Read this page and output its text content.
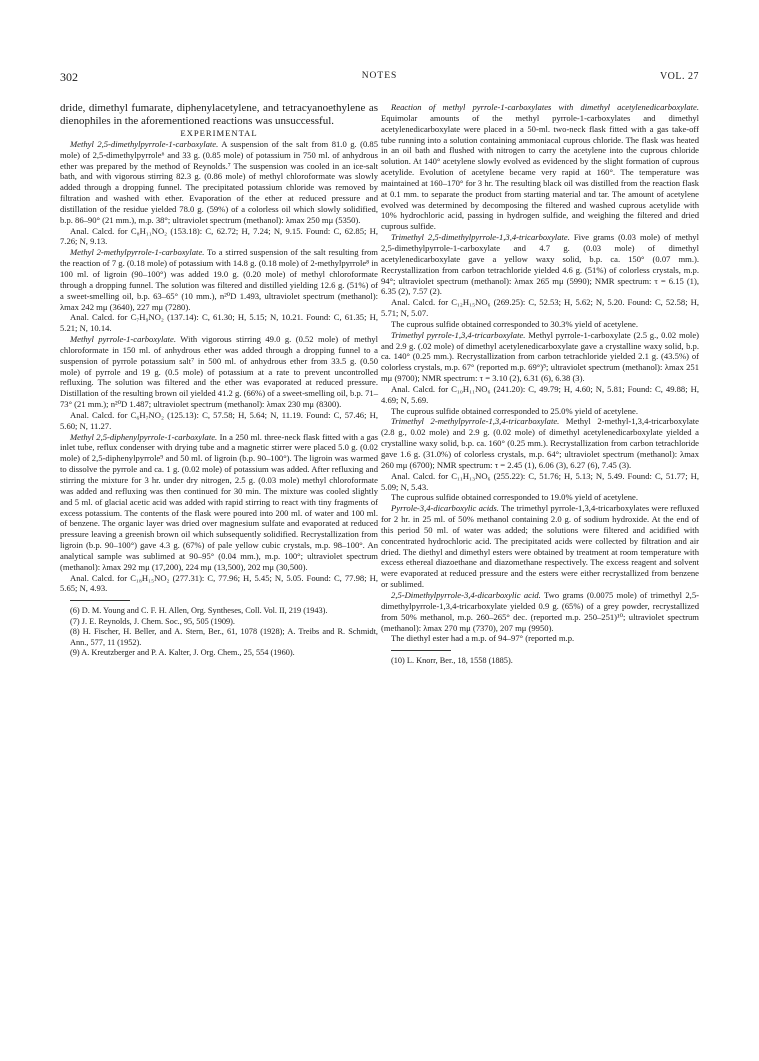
302	NOTES	VOL. 27

dride, dimethyl fumarate, diphenylacetylene, and tetracyanoethylene as dienophiles in the aforementioned reactions was unsuccessful.

EXPERIMENTAL

Methyl 2,5-dimethylpyrrole-1-carboxylate. A suspension of the salt from 81.0 g. (0.85 mole) of 2,5-dimethylpyrrole⁶ and 33 g. (0.85 mole) of potassium in 750 ml. of anhydrous ether was prepared by the method of Reynolds.⁷ The suspension was cooled in an ice-salt bath, and with vigorous stirring 82.3 g. (0.86 mole) of methyl chloroformate was slowly added through a dropping funnel. The precipitated potassium chloride was removed by filtration and washed with ether. Evaporation of the ether at reduced pressure and distillation of the residue yielded 78.0 g. (59%) of a colorless oil which slowly solidified, b.p. 86–90° (21 mm.), m.p. 38°; ultraviolet spectrum (methanol): λmax 250 mμ (5350).

Anal. Calcd. for C₈H₁₁NO₂ (153.18): C, 62.72; H, 7.24; N, 9.15. Found: C, 62.85; H, 7.26; N, 9.13.

Methyl 2-methylpyrrole-1-carboxylate. To a stirred suspension of the salt resulting from the reaction of 7 g. (0.18 mole) of potassium with 14.8 g. (0.18 mole) of 2-methylpyrrole⁸ in 100 ml. of ligroin (90–100°) was added 19.0 g. (0.20 mole) of methyl chloroformate through a dropping funnel. The solution was filtered and distilled yielding 12.6 g. (51%) of a sweet-smelling oil, b.p. 63–65° (10 mm.), n²⁰D 1.493, ultraviolet spectrum (methanol): λmax 242 mμ (3640), 227 mμ (7280).

Anal. Calcd. for C₇H₉NO₂ (137.14): C, 61.30; H, 5.15; N, 10.21. Found: C, 61.35; H, 5.21; N, 10.14.

Methyl pyrrole-1-carboxylate. With vigorous stirring 49.0 g. (0.52 mole) of methyl chloroformate in 150 ml. of anhydrous ether was added through a dropping funnel to a suspension of pyrrole potassium salt⁷ in 500 ml. of anhydrous ether from 33.5 g. (0.50 mole) of pyrrole and 19 g. (0.5 mole) of potassium at a rate to prevent uncontrolled refluxing. The solution was filtered and the ether was evaporated at reduced pressure. Distillation of the resulting brown oil yielded 41.2 g. (66%) of a sweet-smelling oil, b.p. 71–73° (21 mm.); n²⁰D 1.487; ultraviolet spectrum (methanol): λmax 230 mμ (8300).

Anal. Calcd. for C₆H₇NO₂ (125.13): C, 57.58; H, 5.64; N, 11.19. Found: C, 57.46; H, 5.60; N, 11.27.

Methyl 2,5-diphenylpyrrole-1-carboxylate. In a 250 ml. three-neck flask fitted with a gas inlet tube, reflux condenser with drying tube and a magnetic stirrer were placed 5.0 g. (0.02 mole) of 2,5-diphenylpyrrole⁹ and 50 ml. of ligroin (b.p. 90–100°). The ligroin was warmed to dissolve the pyrrole and ca. 1 g. (0.02 mole) of potassium was added. After refluxing and stirring the mixture for 3 hr. under dry nitrogen, 2.5 g. (0.03 mole) methyl chloroformate was added and refluxing was then continued for 30 min. The mixture was cooled slightly and 5 ml. of glacial acetic acid was added with rapid stirring to react with tiny fragments of excess potassium. The contents of the flask were poured into 200 ml. of water and 100 ml. of benzene. The organic layer was dried over magnesium sulfate and evaporated at reduced pressure leaving a greenish brown oil which subsequently solidified. Recrystallization from ligroin (b.p. 90–100°) gave 4.3 g. (67%) of pale yellow cubic crystals, m.p. 98–100°. An analytical sample was sublimed at 90–95° (0.04 mm.), m.p. 100°; ultraviolet spectrum (methanol): λmax 292 mμ (17,200), 224 mμ (13,500), 202 mμ (30,500).

Anal. Calcd. for C₁₈H₁₅NO₂ (277.31): C, 77.96; H, 5.45; N, 5.05. Found: C, 77.98; H, 5.65; N, 4.93.

(6) D. M. Young and C. F. H. Allen, Org. Syntheses, Coll. Vol. II, 219 (1943).

(7) J. E. Reynolds, J. Chem. Soc., 95, 505 (1909).

(8) H. Fischer, H. Beller, and A. Stern, Ber., 61, 1078 (1928); A. Treibs and R. Schmidt, Ann., 577, 11 (1952).

(9) A. Kreutzberger and P. A. Kalter, J. Org. Chem., 25, 554 (1960).

Reaction of methyl pyrrole-1-carboxylates with dimethyl acetylenedicarboxylate. Equimolar amounts of the methyl pyrrole-1-carboxylates and dimethyl acetylenedicarboxylate were placed in a 50-ml. two-neck flask fitted with a gas take-off tube running into a solution containing ammoniacal cuprous chloride. The flask was heated in an oil bath and flushed with nitrogen to carry the acetylene into the cuprous chloride solution. At 140° acetylene slowly evolved as evidenced by the slight formation of cuprous acetylide. Evolution of acetylene became very rapid at 160°. The temperature was maintained at 160–170° for 3 hr. The resulting black oil was distilled from the reaction flask at 0.1 mm. to separate the product from starting material and tar. The amount of acetylene evolved was determined by decomposing the filtered and washed cuprous acetylide with 10% hydrochloric acid, passing in hydrogen sulfide, and weighing the filtered and dried cuprous sulfide.

Trimethyl 2,5-dimethylpyrrole-1,3,4-tricarboxylate. Five grams (0.03 mole) of methyl 2,5-dimethylpyrrole-1-carboxylate and 4.7 g. (0.03 mole) of dimethyl acetylenedicarboxylate gave a yellow waxy solid, b.p. ca. 150° (0.07 mm.). Recrystallization from carbon tetrachloride yielded 4.6 g. (51%) of colorless crystals, m.p. 94°; ultraviolet spectrum (methanol): λmax 265 mμ (5990); NMR spectrum: τ = 6.15 (1), 6.35 (2), 7.57 (2).

Anal. Calcd. for C₁₂H₁₅NO₆ (269.25): C, 52.53; H, 5.62; N, 5.20. Found: C, 52.58; H, 5.71; N, 5.07.

The cuprous sulfide obtained corresponded to 30.3% yield of acetylene.

Trimethyl pyrrole-1,3,4-tricarboxylate. Methyl pyrrole-1-carboxylate (2.5 g., 0.02 mole) and 2.9 g. (.02 mole) of dimethyl acetylenedicarboxylate gave a crystalline waxy solid, b.p. ca. 140° (0.25 mm.). Recrystallization from carbon tetrachloride yielded 2.1 g. (43.5%) of colorless crystals, m.p. 67° (reported m.p. 69°)⁵; ultraviolet spectrum (methanol): λmax 251 mμ (9700); NMR spectrum: τ = 3.10 (2), 6.31 (6), 6.38 (3).

Anal. Calcd. for C₁₀H₁₁NO₆ (241.20): C, 49.79; H, 4.60; N, 5.81; Found: C, 49.88; H, 4.69; N, 5.69.

The cuprous sulfide obtained corresponded to 25.0% yield of acetylene.

Trimethyl 2-methylpyrrole-1,3,4-tricarboxylate. Methyl 2-methyl-1,3,4-tricarboxylate (2.8 g., 0.02 mole) and 2.9 g. (0.02 mole) of dimethyl acetylenedicarboxylate yielded a crystalline waxy solid, b.p. ca. 160° (0.25 mm.). Recrystallization from carbon tetrachloride gave 1.6 g. (31.0%) of colorless crystals, m.p. 64°; ultraviolet spectrum (methanol): λmax 260 mμ (6700); NMR spectrum: τ = 2.45 (1), 6.06 (3), 6.27 (6), 7.45 (3).

Anal. Calcd. for C₁₁H₁₃NO₆ (255.22): C, 51.76; H, 5.13; N, 5.49. Found: C, 51.77; H, 5.09; N, 5.43.

The cuprous sulfide obtained corresponded to 19.0% yield of acetylene.

Pyrrole-3,4-dicarboxylic acids. The trimethyl pyrrole-1,3,4-tricarboxylates were refluxed for 2 hr. in 25 ml. of 50% methanol containing 2.0 g. of sodium hydroxide. At the end of this period 50 ml. of water was added; the solutions were filtered and acidified with concentrated hydrochloric acid. The precipitated acids were collected by filtration and air dried. The diethyl and dimethyl esters were obtained by treatment at room temperature with excess ethereal diazoethane and diazomethane respectively. The excess reagent and solvent were evaporated at reduced pressure and the esters were either recrystallized from benzene or sublimed.

2,5-Dimethylpyrrole-3,4-dicarboxylic acid. Two grams (0.0075 mole) of trimethyl 2,5-dimethylpyrrole-1,3,4-tricarboxylate yielded 0.9 g. (65%) of a grey powder, recrystallized from 50% methanol, m.p. 260–265° dec. (reported m.p. 250–251)¹⁰; ultraviolet spectrum (methanol): λmax 270 mμ (7370), 207 mμ (9950).

The diethyl ester had a m.p. of 94–97° (reported m.p.

(10) L. Knorr, Ber., 18, 1558 (1885).
